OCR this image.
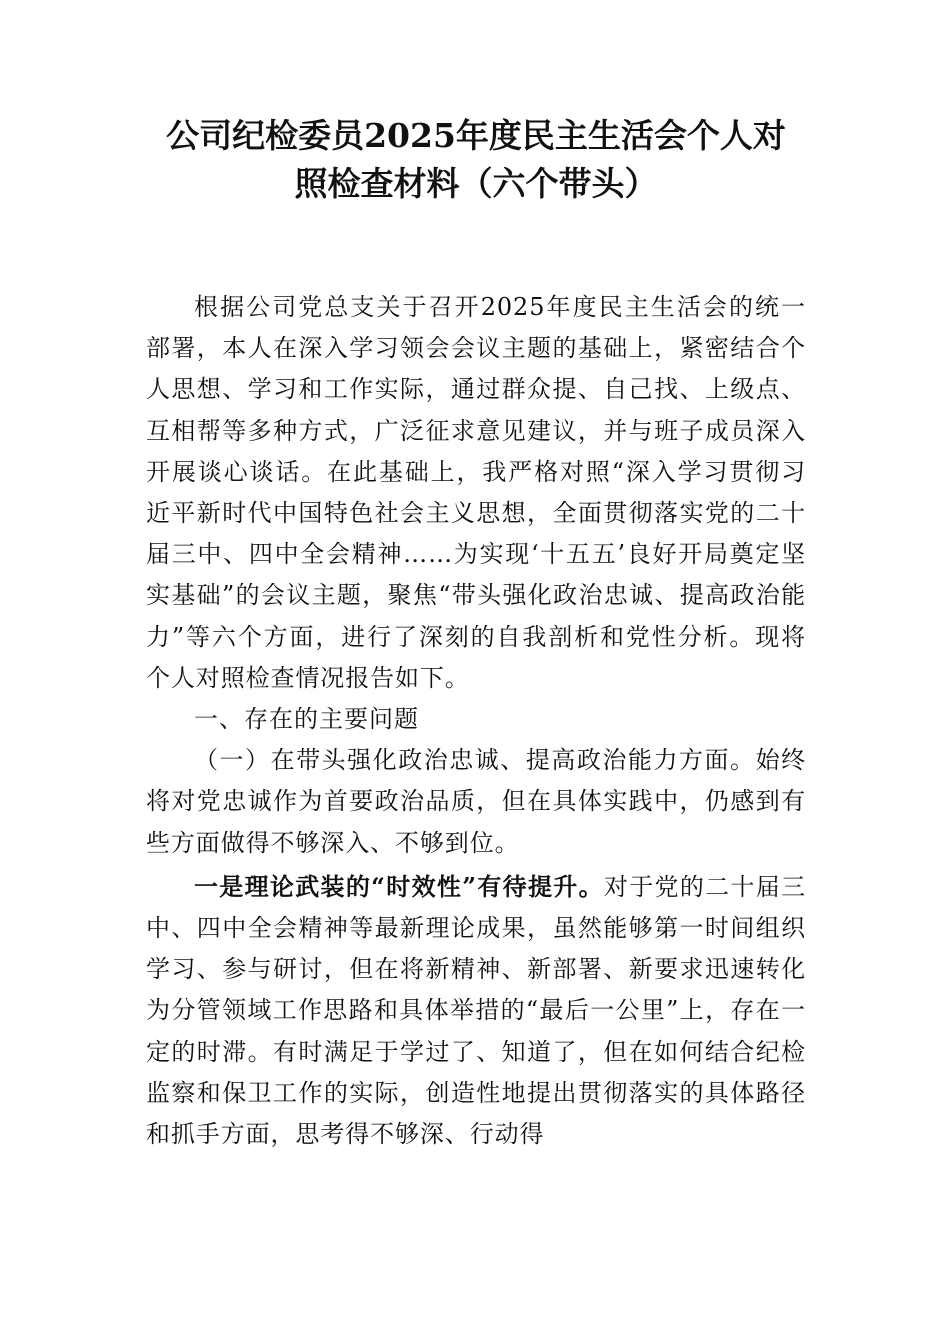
公司纪检委员2025年度民主生活会个人对
照检查材料（六个带头）

根据公司党总支关于召开2025年度民主生活会的统一部署，本人在深入学习领会会议主题的基础上，紧密结合个人思想、学习和工作实际，通过群众提、自己找、上级点、互相帮等多种方式，广泛征求意见建议，并与班子成员深入开展谈心谈话。在此基础上，我严格对照“深入学习贯彻习近平新时代中国特色社会主义思想，全面贯彻落实党的二十届三中、四中全会精神……为实现‘十五五’良好开局奠定坚实基础”的会议主题，聚焦“带头强化政治忠诚、提高政治能力”等六个方面，进行了深刻的自我剖析和党性分析。现将个人对照检查情况报告如下。

一、存在的主要问题

（一）在带头强化政治忠诚、提高政治能力方面。始终将对党忠诚作为首要政治品质，但在具体实践中，仍感到有些方面做得不够深入、不够到位。

一是理论武装的“时效性”有待提升。对于党的二十届三中、四中全会精神等最新理论成果，虽然能够第一时间组织学习、参与研讨，但在将新精神、新部署、新要求迅速转化为分管领域工作思路和具体举措的“最后一公里”上，存在一定的时滞。有时满足于学过了、知道了，但在如何结合纪检监察和保卫工作的实际，创造性地提出贯彻落实的具体路径和抓手方面，思考得不够深、行动得
